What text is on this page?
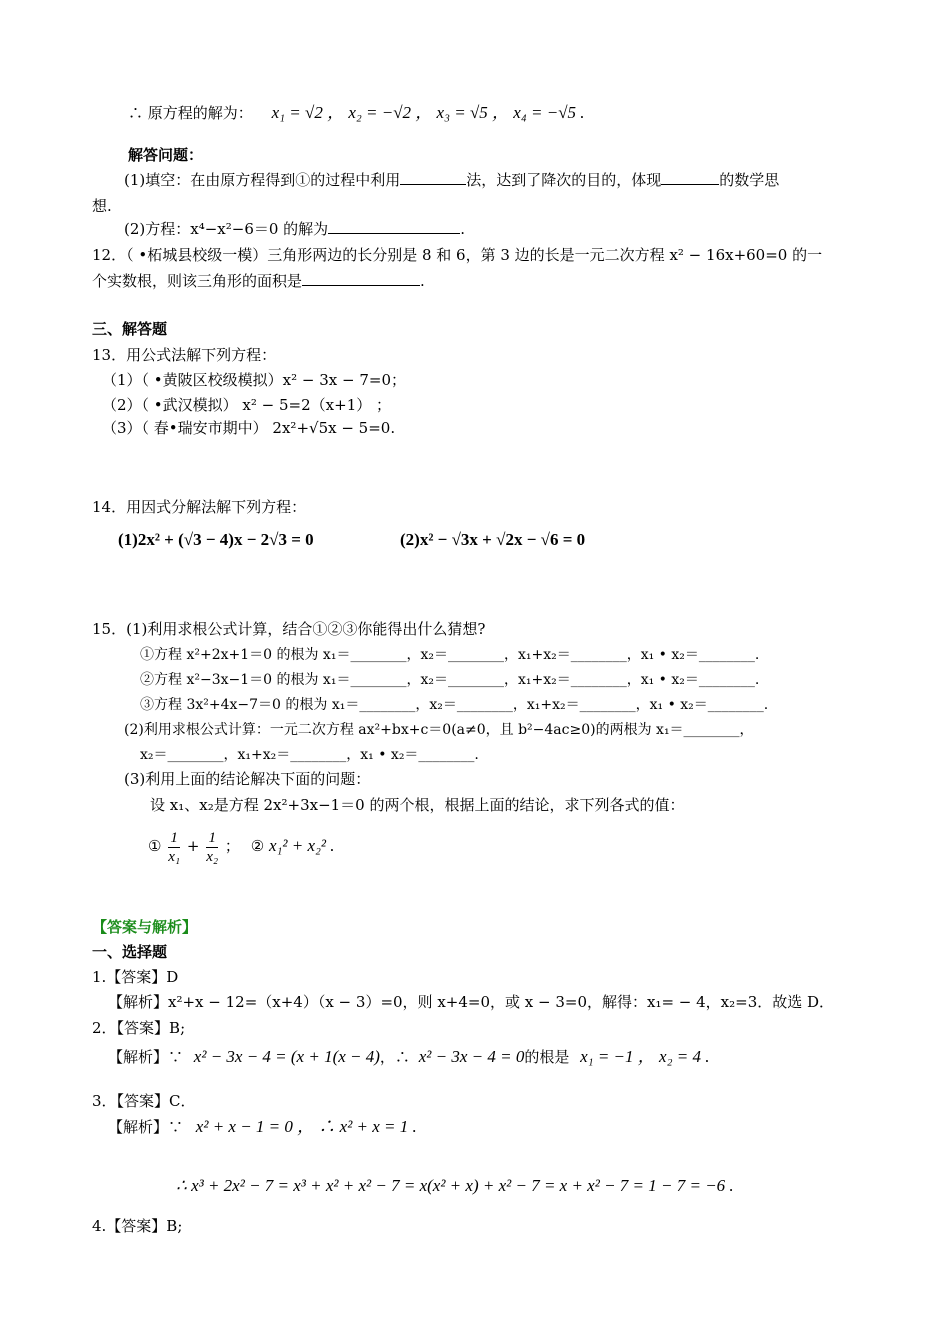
∴ 原方程的解为： x₁ = √2 ， x₂ = −√2 ， x₃ = √5 ， x₄ = −√5 .
解答问题：
(1)填空：在由原方程得到①的过程中利用	法，达到了降次的目的，体现	的数学思
想.
(2)方程：x⁴−x²−6＝0 的解为	.
12．（ •柘城县校级一模）三角形两边的长分别是 8 和 6，第 3 边的长是一元二次方程 x² − 16x+60=0 的一
个实数根，则该三角形的面积是	.
三、解答题
13．用公式法解下列方程：
（1）（ •黄陂区校级模拟）x² − 3x − 7=0；
（2）（ •武汉模拟） x² − 5=2（x+1） ；
（3）（ 春•瑞安市期中） 2x²+√5x − 5=0.
14．用因式分解法解下列方程：
(1)2x² + (√3 − 4)x − 2√3 = 0	(2)x² − √3x + √2x − √6 = 0
15．(1)利用求根公式计算，结合①②③你能得出什么猜想?
①方程 x²+2x+1＝0 的根为 x₁＝________，x₂＝________，x₁+x₂＝________，x₁ • x₂＝________.
②方程 x²−3x−1＝0 的根为 x₁＝________，x₂＝________，x₁+x₂＝________，x₁ • x₂＝________.
③方程 3x²+4x−7＝0 的根为 x₁＝________，x₂＝________，x₁+x₂＝________，x₁ • x₂＝________.
(2)利用求根公式计算：一元二次方程 ax²+bx+c＝0(a≠0，且 b²−4ac≥0)的两根为 x₁＝________，
x₂＝________，x₁+x₂＝________，x₁ • x₂＝________.
(3)利用上面的结论解决下面的问题：
设 x₁、x₂是方程 2x²+3x−1＝0 的两个根，根据上面的结论，求下列各式的值：
① $\frac{1}{\text{x₁}} + \frac{1}{\text{x₂}}$ ； ② x₁² + x₂² .
【答案与解析】
一、选择题
1.【答案】D
【解析】x²+x − 12=（x+4）（x − 3）=0，则 x+4=0，或 x − 3=0，解得：x₁= − 4，x₂=3．故选 D．
2．【答案】B;
【解析】∵ x² − 3x − 4 = (x + 1(x − 4)，∴ x² − 3x − 4 = 0的根是 x₁ = −1 ， x₂ = 4 .
3．【答案】C．
【解析】∵ x² + x − 1 = 0 ， ∴ x² + x = 1 .
∴ x³ + 2x² − 7 = x³ + x² + x² − 7 = x(x² + x) + x² − 7 = x + x² − 7 = 1 − 7 = −6 .
4.【答案】B;
